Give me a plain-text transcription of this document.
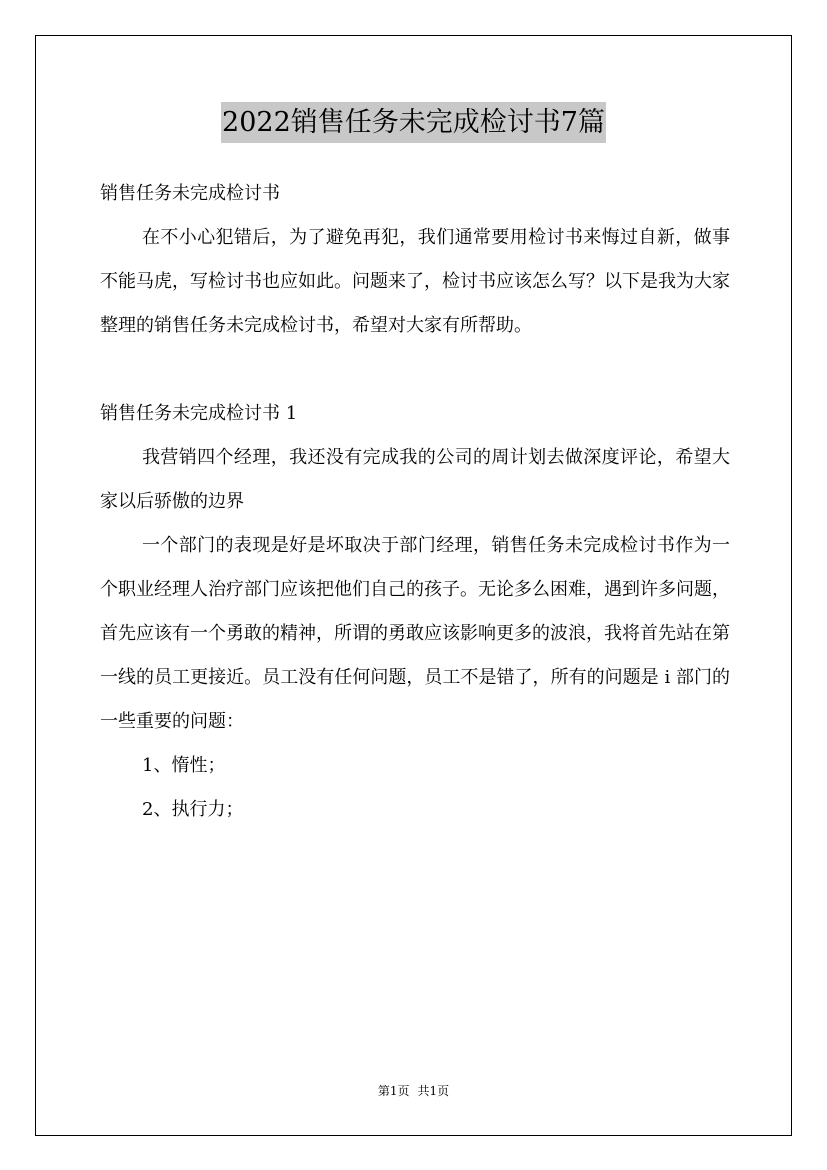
2022销售任务未完成检讨书7篇

销售任务未完成检讨书

在不小心犯错后，为了避免再犯，我们通常要用检讨书来悔过自新，做事不能马虎，写检讨书也应如此。问题来了，检讨书应该怎么写？以下是我为大家整理的销售任务未完成检讨书，希望对大家有所帮助。

销售任务未完成检讨书 1

我营销四个经理，我还没有完成我的公司的周计划去做深度评论，希望大家以后骄傲的边界

一个部门的表现是好是坏取决于部门经理，销售任务未完成检讨书作为一个职业经理人治疗部门应该把他们自己的孩子。无论多么困难，遇到许多问题，首先应该有一个勇敢的精神，所谓的勇敢应该影响更多的波浪，我将首先站在第一线的员工更接近。员工没有任何问题，员工不是错了，所有的问题是 i 部门的一些重要的问题：

1、惰性；

2、执行力；

第1页 共1页
